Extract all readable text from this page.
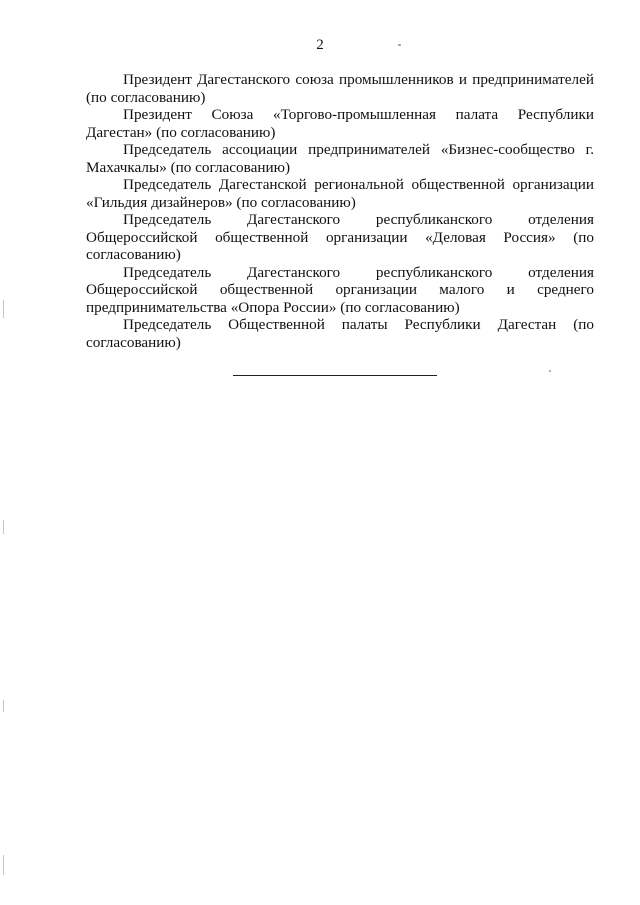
2

Президент Дагестанского союза промышленников и предпринимателей (по согласованию)

Президент Союза «Торгово-промышленная палата Республики Дагестан» (по согласованию)

Председатель ассоциации предпринимателей «Бизнес-сообщество г. Махачкалы» (по согласованию)

Председатель Дагестанской региональной общественной организации «Гильдия дизайнеров» (по согласованию)

Председатель Дагестанского республиканского отделения Общероссийской общественной организации «Деловая Россия» (по согласованию)

Председатель Дагестанского республиканского отделения Общероссийской общественной организации малого и среднего предпринимательства «Опора России» (по согласованию)

Председатель Общественной палаты Республики Дагестан (по согласованию)
